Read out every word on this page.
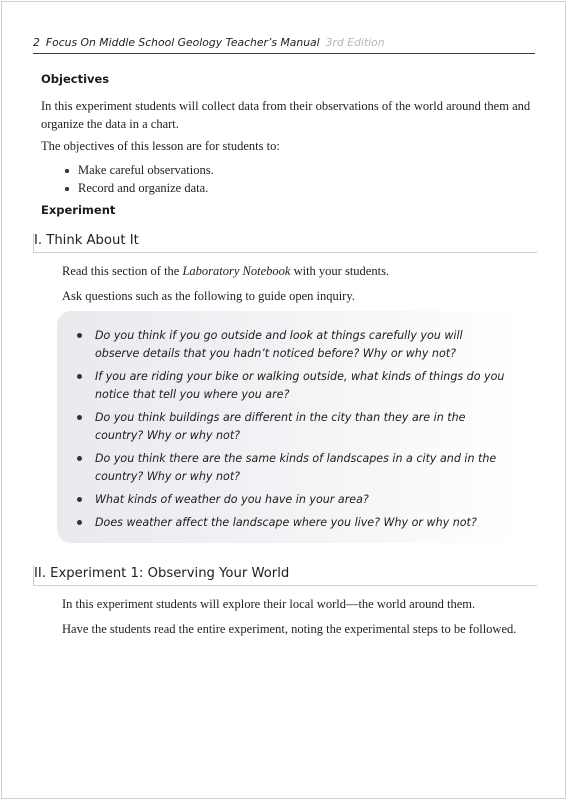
2 Focus On Middle School Geology Teacher’s Manual 3rd Edition
Objectives
In this experiment students will collect data from their observations of the world around them and organize the data in a chart.
The objectives of this lesson are for students to:
Make careful observations.
Record and organize data.
Experiment
I. Think About It
Read this section of the Laboratory Notebook with your students.
Ask questions such as the following to guide open inquiry.
Do you think if you go outside and look at things carefully you will observe details that you hadn’t noticed before? Why or why not?
If you are riding your bike or walking outside, what kinds of things do you notice that tell you where you are?
Do you think buildings are different in the city than they are in the country? Why or why not?
Do you think there are the same kinds of landscapes in a city and in the country? Why or why not?
What kinds of weather do you have in your area?
Does weather affect the landscape where you live? Why or why not?
II. Experiment 1: Observing Your World
In this experiment students will explore their local world—the world around them.
Have the students read the entire experiment, noting the experimental steps to be followed.
